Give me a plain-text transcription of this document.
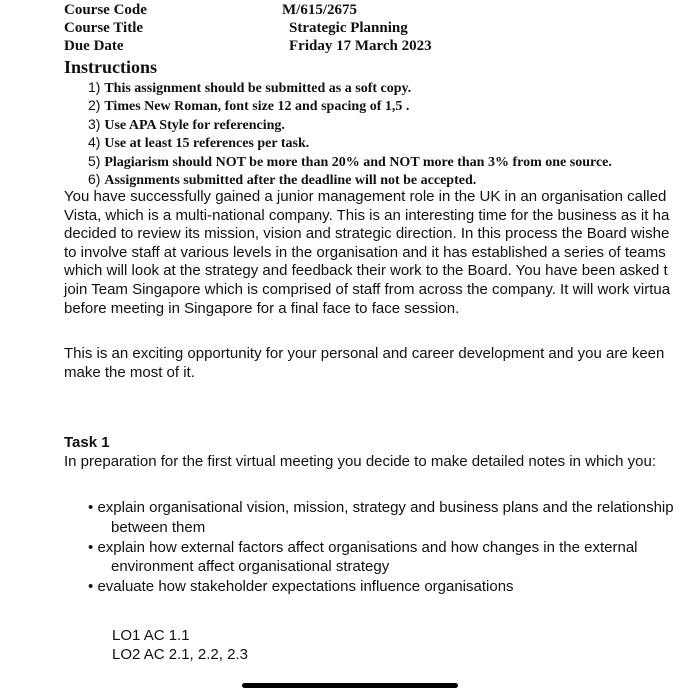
Course Code	M/615/2675
Course Title	Strategic Planning
Due Date	Friday 17 March 2023
Instructions
1) This assignment should be submitted as a soft copy.
2) Times New Roman, font size 12 and spacing of 1,5 .
3) Use APA Style for referencing.
4) Use at least 15 references per task.
5) Plagiarism should NOT be more than 20% and NOT more than 3% from one source.
6) Assignments submitted after the deadline will not be accepted.
You have successfully gained a junior management role in the UK in an organisation called
Vista, which is a multi-national company. This is an interesting time for the business as it ha
decided to review its mission, vision and strategic direction. In this process the Board wishe
to involve staff at various levels in the organisation and it has established a series of teams
which will look at the strategy and feedback their work to the Board. You have been asked t
join Team Singapore which is comprised of staff from across the company. It will work virtua
before meeting in Singapore for a final face to face session.
This is an exciting opportunity for your personal and career development and you are keen
make the most of it.
Task 1
In preparation for the first virtual meeting you decide to make detailed notes in which you:
• explain organisational vision, mission, strategy and business plans and the relationship
between them
• explain how external factors affect organisations and how changes in the external
environment affect organisational strategy
• evaluate how stakeholder expectations influence organisations
LO1 AC 1.1
LO2 AC 2.1, 2.2, 2.3
